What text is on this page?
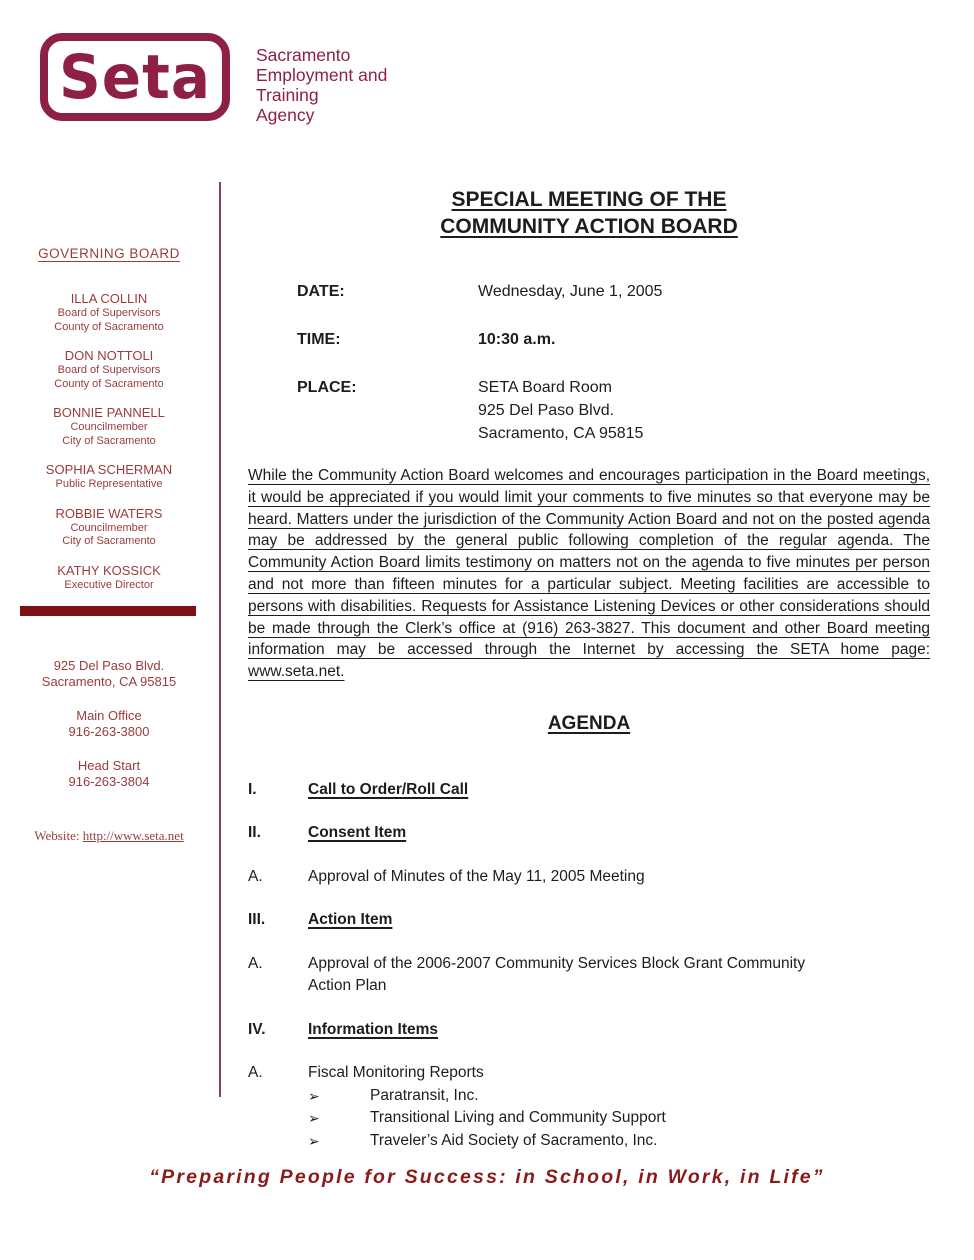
Seta	Sacramento
Employment and
Training
Agency
GOVERNING BOARD
ILLA COLLIN
Board of Supervisors
County of Sacramento
DON NOTTOLI
Board of Supervisors
County of Sacramento
BONNIE PANNELL
Councilmember
City of Sacramento
SOPHIA SCHERMAN
Public Representative
ROBBIE WATERS
Councilmember
City of Sacramento
KATHY KOSSICK
Executive Director
925 Del Paso Blvd.
Sacramento, CA 95815
Main Office
916-263-3800
Head Start
916-263-3804
Website: http://www.seta.net
SPECIAL MEETING OF THE
COMMUNITY ACTION BOARD
DATE:	Wednesday, June 1, 2005
TIME:	10:30 a.m.
PLACE:	SETA Board Room
925 Del Paso Blvd.
Sacramento, CA 95815
While the Community Action Board welcomes and encourages participation in the Board meetings, it would be appreciated if you would limit your comments to five minutes so that everyone may be heard. Matters under the jurisdiction of the Community Action Board and not on the posted agenda may be addressed by the general public following completion of the regular agenda. The Community Action Board limits testimony on matters not on the agenda to five minutes per person and not more than fifteen minutes for a particular subject. Meeting facilities are accessible to persons with disabilities. Requests for Assistance Listening Devices or other considerations should be made through the Clerk’s office at (916) 263-3827. This document and other Board meeting information may be accessed through the Internet by accessing the SETA home page: www.seta.net.
AGENDA
I.	Call to Order/Roll Call
II.	Consent Item
A.	Approval of Minutes of the May 11, 2005 Meeting
III.	Action Item
A.	Approval of the 2006-2007 Community Services Block Grant Community Action Plan
IV.	Information Items
A.	Fiscal Monitoring Reports
➢	Paratransit, Inc.
➢	Transitional Living and Community Support
➢	Traveler’s Aid Society of Sacramento, Inc.
“Preparing People for Success: in School, in Work, in Life”
